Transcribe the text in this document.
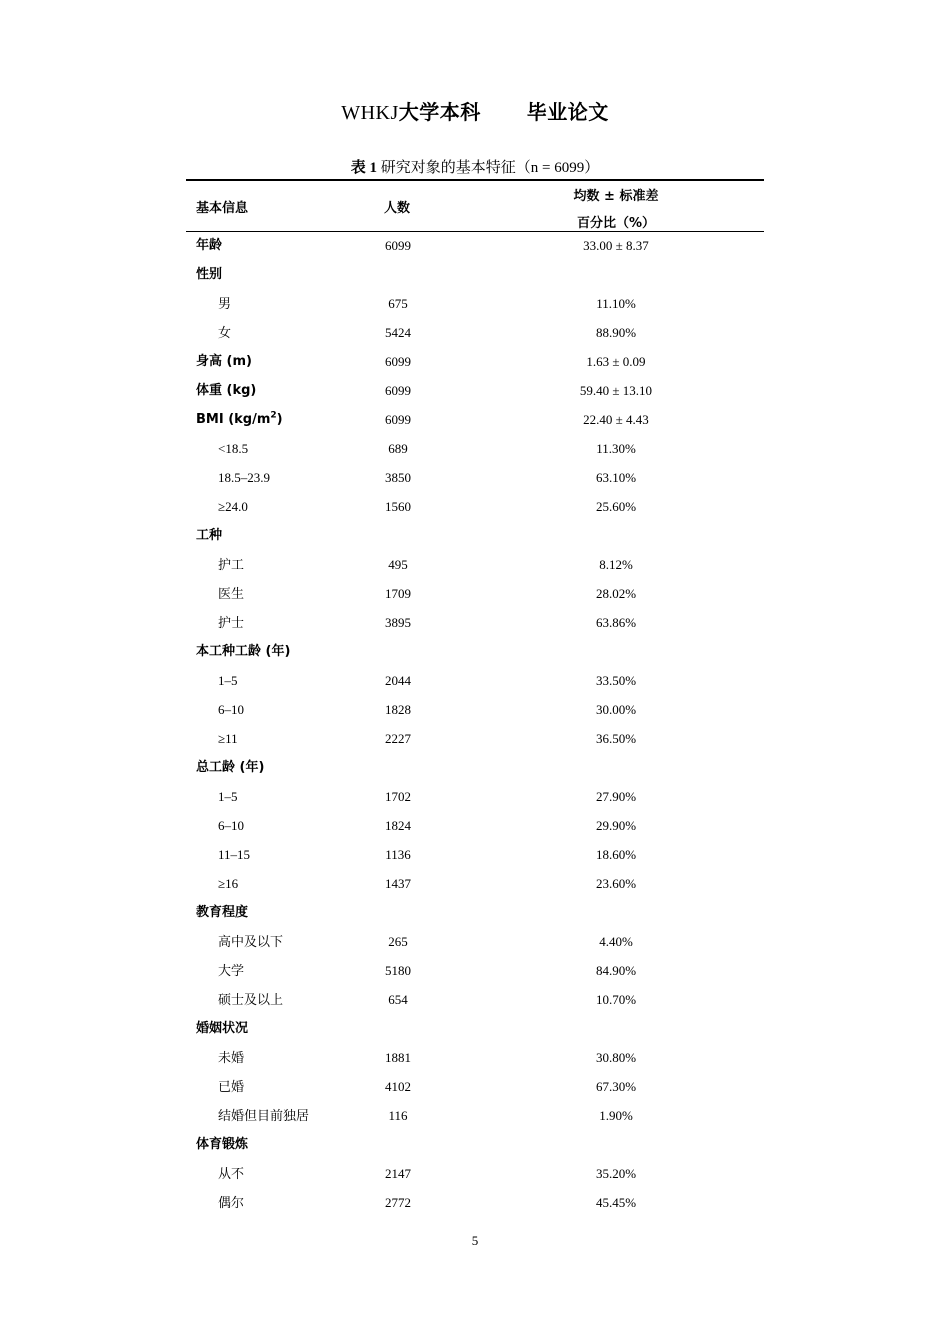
WHKJ大学本科 毕业论文
表 1 研究对象的基本特征（n = 6099）
基本信息	人数
均数 ± 标准差
百分比（%）
年龄	6099	33.00 ± 8.37
性别
男	675	11.10%
女	5424	88.90%
身高 (m)	6099	1.63 ± 0.09
体重 (kg)	6099	59.40 ± 13.10
BMI $(kg/m^2)$	6099	22.40 ± 4.43
<18.5	689	11.30%
18.5–23.9	3850	63.10%
≥24.0	1560	25.60%
工种
护工	495	8.12%
医生	1709	28.02%
护士	3895	63.86%
本工种工龄 (年)
1–5	2044	33.50%
6–10	1828	30.00%
≥11	2227	36.50%
总工龄 (年)
1–5	1702	27.90%
6–10	1824	29.90%
11–15	1136	18.60%
≥16	1437	23.60%
教育程度
高中及以下	265	4.40%
大学	5180	84.90%
硕士及以上	654	10.70%
婚姻状况
未婚	1881	30.80%
已婚	4102	67.30%
结婚但目前独居	116	1.90%
体育锻炼
从不	2147	35.20%
偶尔	2772	45.45%
5
